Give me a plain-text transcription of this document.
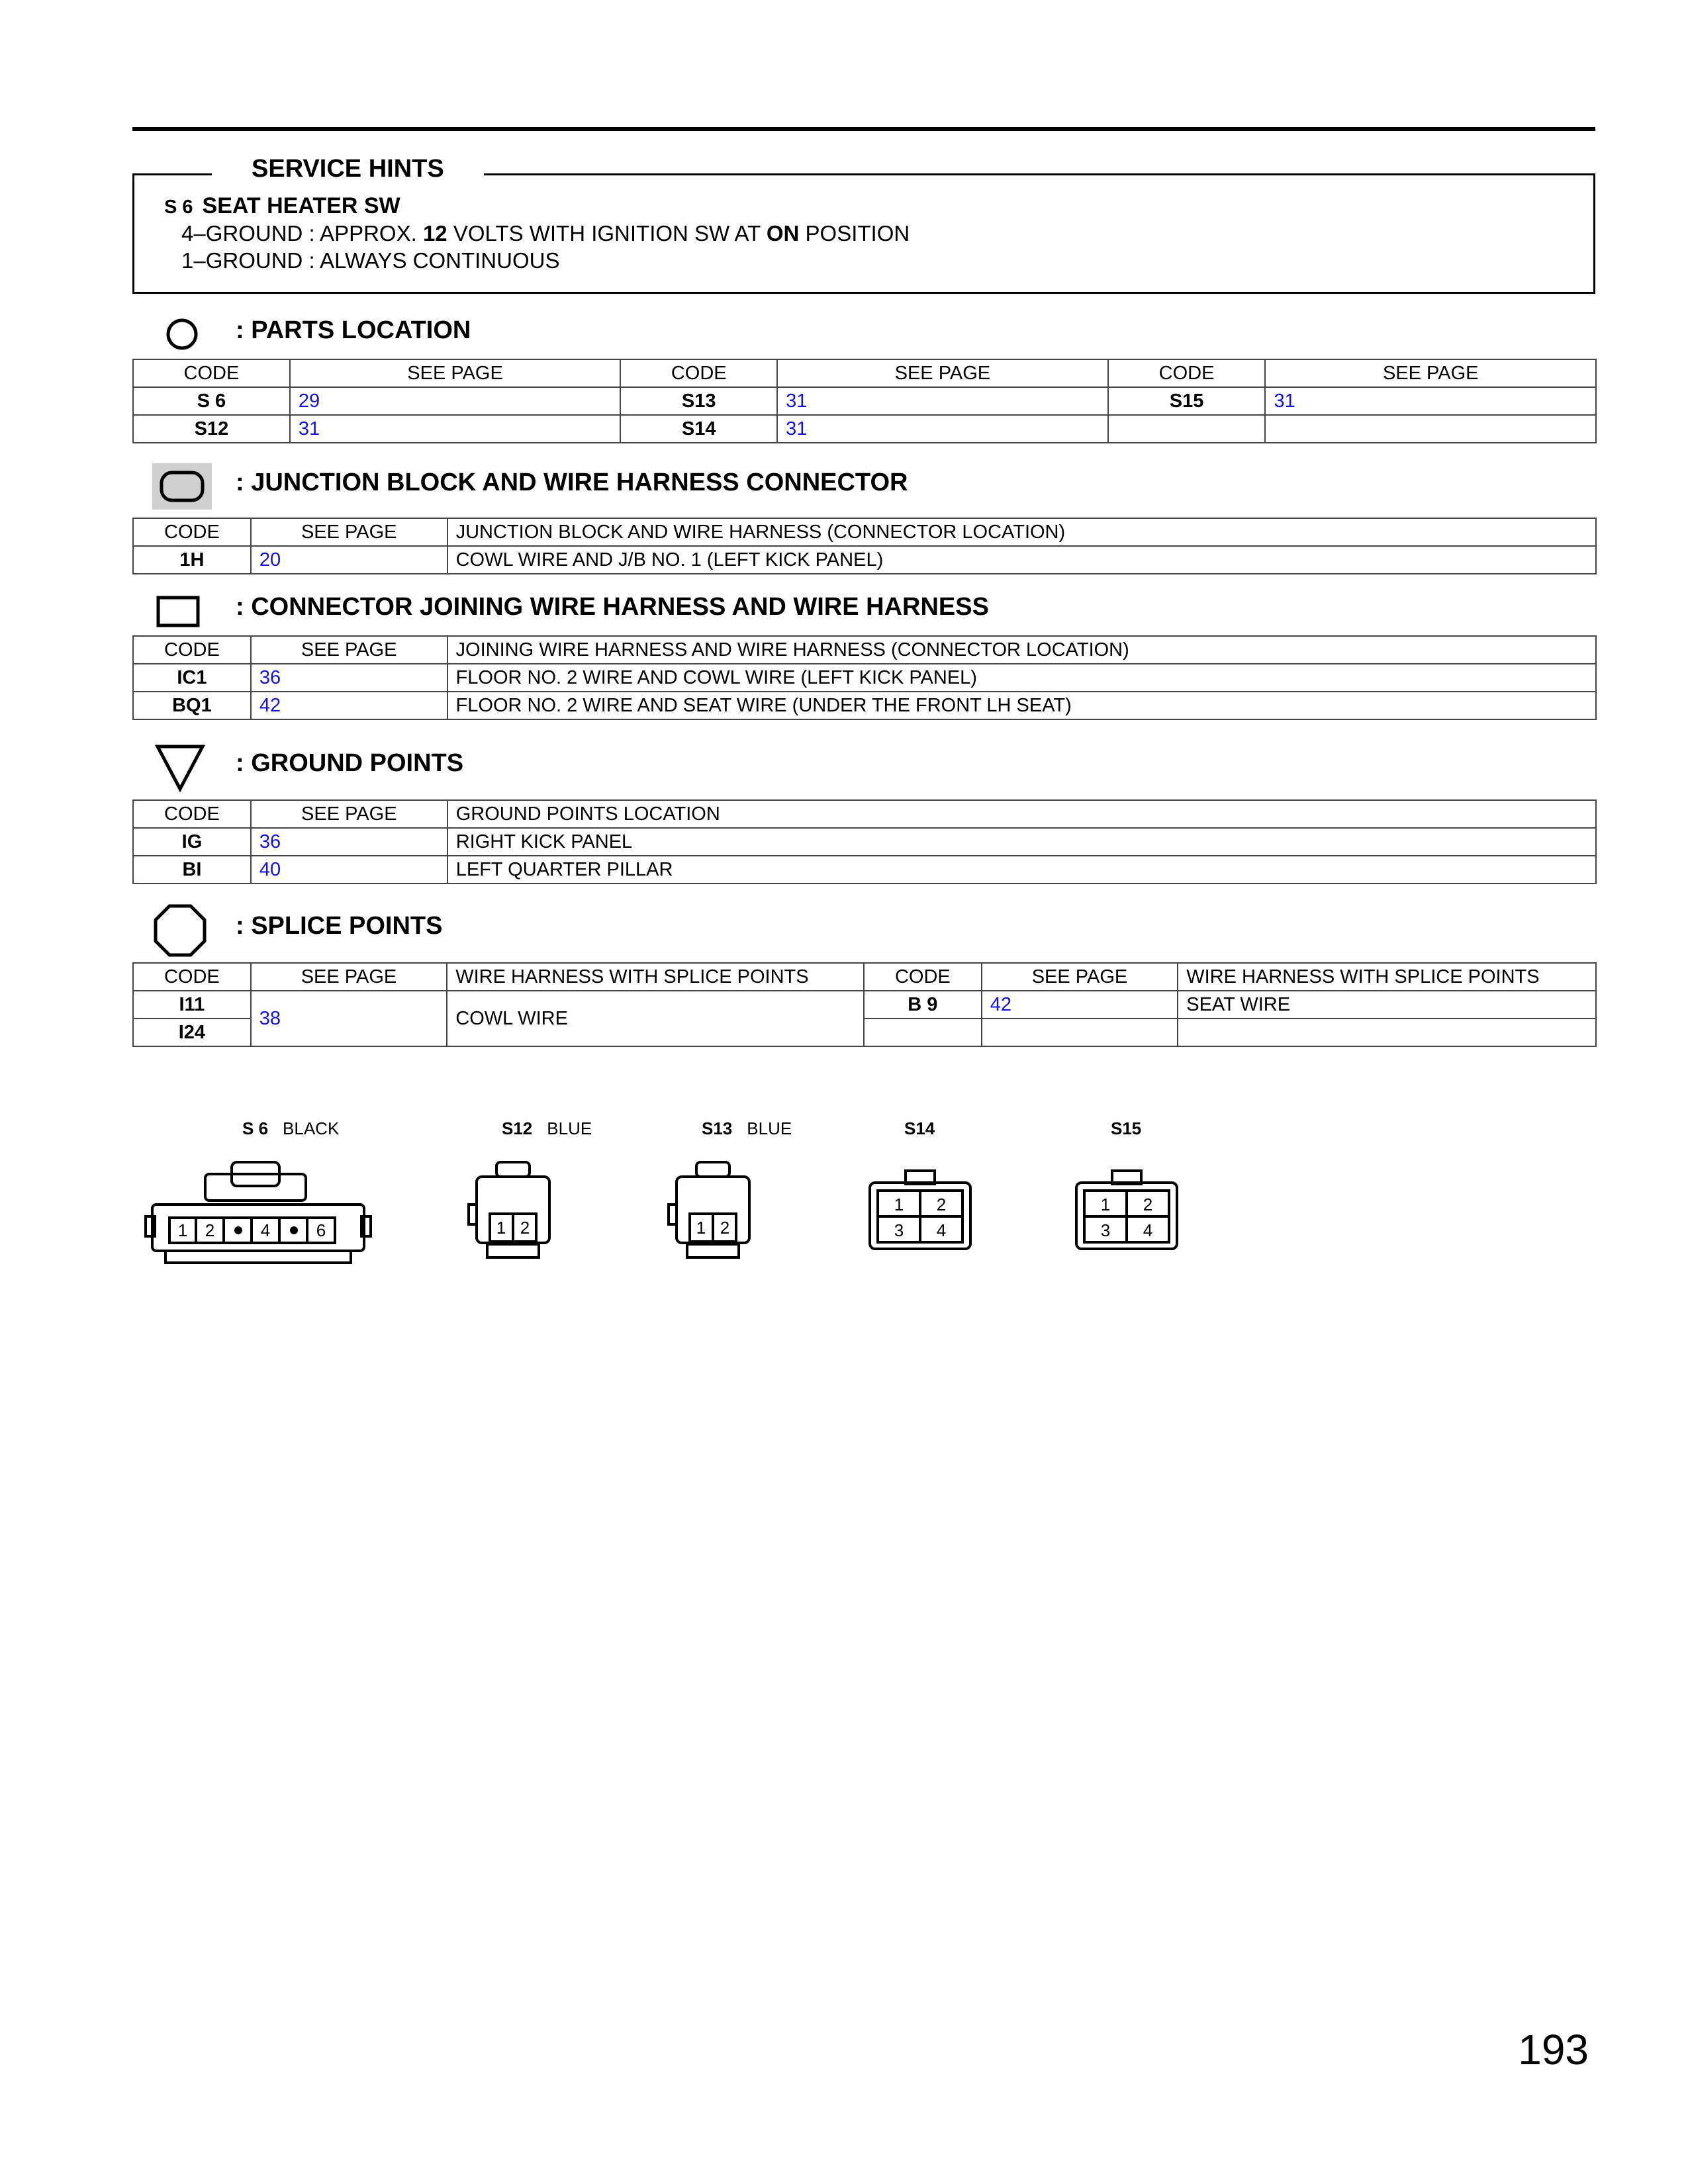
SERVICE HINTS
S 6 SEAT HEATER SW
4–GROUND : APPROX. 12 VOLTS WITH IGNITION SW AT ON POSITION
1–GROUND : ALWAYS CONTINUOUS
: PARTS LOCATION
CODE	SEE PAGE	CODE	SEE PAGE	CODE	SEE PAGE
S 6	29	S13	31	S15	31
S12	31	S14	31		
: JUNCTION BLOCK AND WIRE HARNESS CONNECTOR
CODE	SEE PAGE	JUNCTION BLOCK AND WIRE HARNESS (CONNECTOR LOCATION)
1H	20	COWL WIRE AND J/B NO. 1 (LEFT KICK PANEL)
: CONNECTOR JOINING WIRE HARNESS AND WIRE HARNESS
CODE	SEE PAGE	JOINING WIRE HARNESS AND WIRE HARNESS (CONNECTOR LOCATION)
IC1	36	FLOOR NO. 2 WIRE AND COWL WIRE (LEFT KICK PANEL)
BQ1	42	FLOOR NO. 2 WIRE AND SEAT WIRE (UNDER THE FRONT LH SEAT)
: GROUND POINTS
CODE	SEE PAGE	GROUND POINTS LOCATION
IG	36	RIGHT KICK PANEL
BI	40	LEFT QUARTER PILLAR
: SPLICE POINTS
CODE	SEE PAGE	WIRE HARNESS WITH SPLICE POINTS	CODE	SEE PAGE	WIRE HARNESS WITH SPLICE POINTS
I11	38	COWL WIRE	B 9	42	SEAT WIRE
I24					
S 6 BLACK	S12 BLUE	S13 BLUE	S14	S15
1 2	4	6	1 2	1 2
1 2
3 4
1 2
3 4
193
